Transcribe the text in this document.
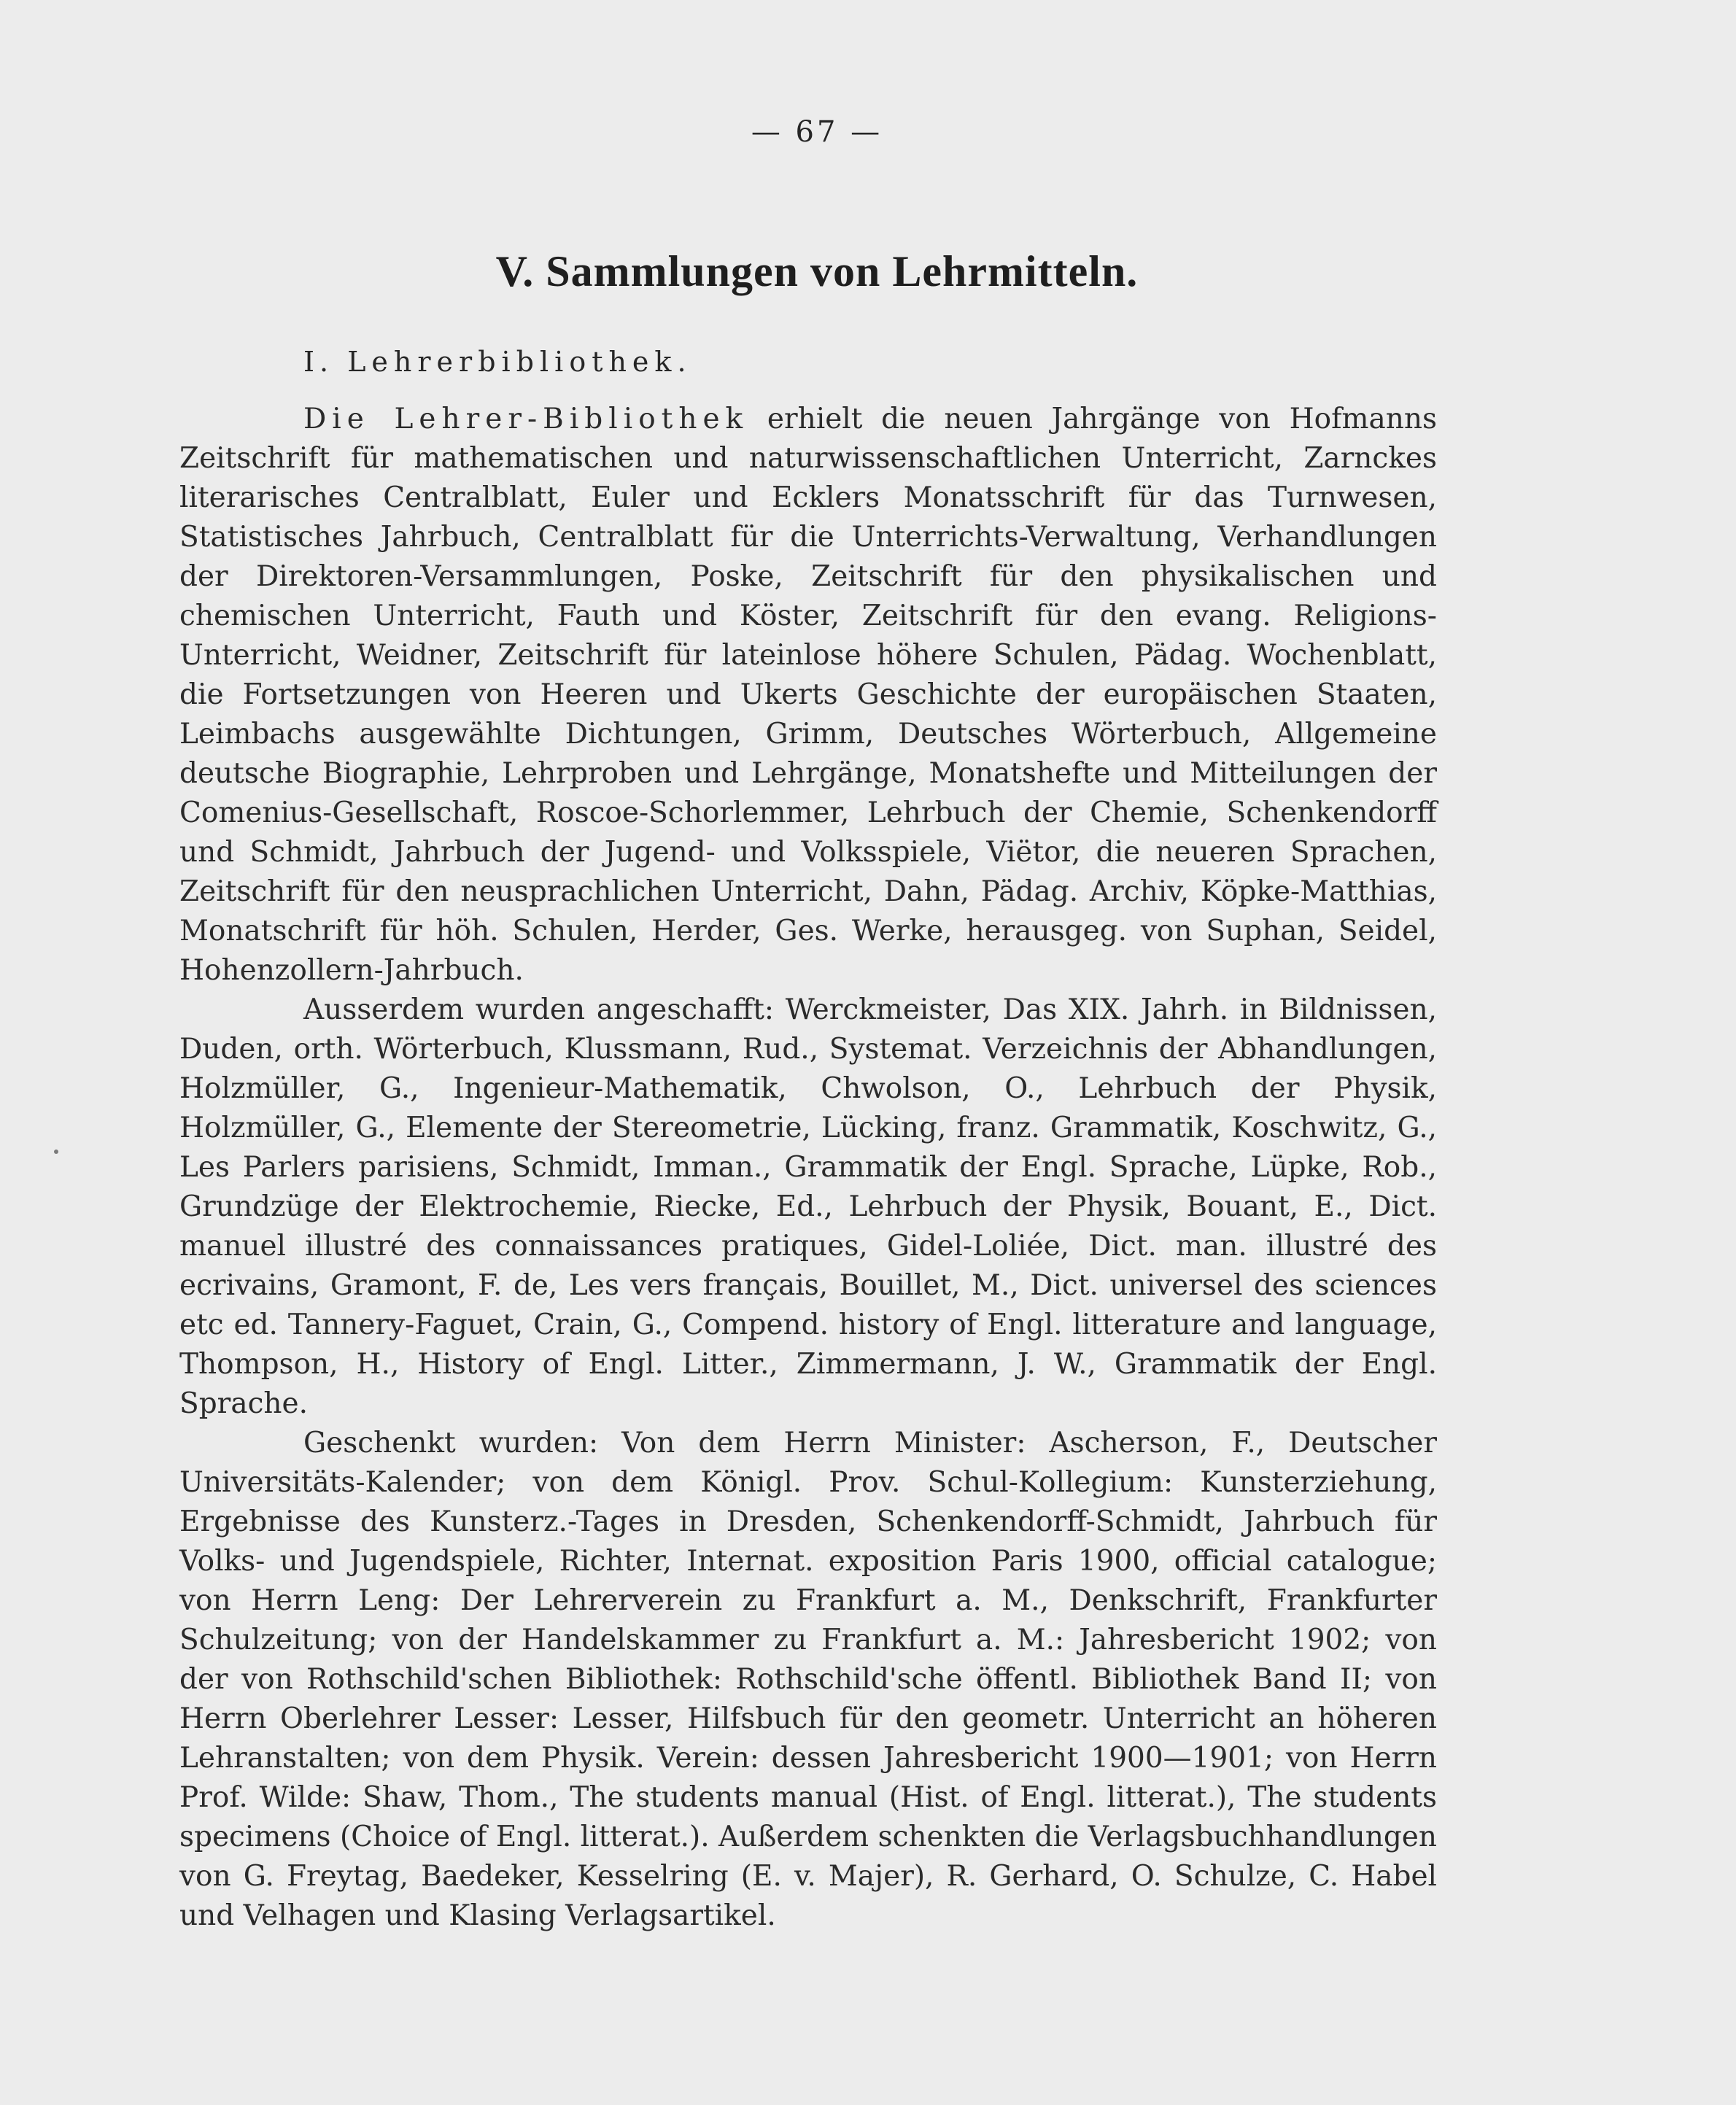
— 67 —
V. Sammlungen von Lehrmitteln.
I. Lehrerbibliothek.

Die Lehrer-Bibliothek erhielt die neuen Jahrgänge von Hofmanns Zeitschrift für mathematischen und naturwissenschaftlichen Unterricht, Zarnckes literarisches Centralblatt, Euler und Ecklers Monatsschrift für das Turnwesen, Statistisches Jahrbuch, Centralblatt für die Unterrichts-Verwaltung, Verhandlungen der Direktoren-Versammlungen, Poske, Zeitschrift für den physikalischen und chemischen Unterricht, Fauth und Köster, Zeitschrift für den evang. Religions-Unterricht, Weidner, Zeitschrift für lateinlose höhere Schulen, Pädag. Wochenblatt, die Fortsetzungen von Heeren und Ukerts Geschichte der europäischen Staaten, Leimbachs ausgewählte Dichtungen, Grimm, Deutsches Wörterbuch, Allgemeine deutsche Biographie, Lehrproben und Lehrgänge, Monatshefte und Mitteilungen der Comenius-Gesellschaft, Roscoe-Schorlemmer, Lehrbuch der Chemie, Schenkendorff und Schmidt, Jahrbuch der Jugend- und Volksspiele, Viëtor, die neueren Sprachen, Zeitschrift für den neusprachlichen Unterricht, Dahn, Pädag. Archiv, Köpke-Matthias, Monatschrift für höh. Schulen, Herder, Ges. Werke, herausgeg. von Suphan, Seidel, Hohenzollern-Jahrbuch.

Ausserdem wurden angeschafft: Werckmeister, Das XIX. Jahrh. in Bildnissen, Duden, orth. Wörterbuch, Klussmann, Rud., Systemat. Verzeichnis der Abhandlungen, Holzmüller, G., Ingenieur-Mathematik, Chwolson, O., Lehrbuch der Physik, Holzmüller, G., Elemente der Stereometrie, Lücking, franz. Grammatik, Koschwitz, G., Les Parlers parisiens, Schmidt, Imman., Grammatik der Engl. Sprache, Lüpke, Rob., Grundzüge der Elektrochemie, Riecke, Ed., Lehrbuch der Physik, Bouant, E., Dict. manuel illustré des connaissances pratiques, Gidel-Loliée, Dict. man. illustré des ecrivains, Gramont, F. de, Les vers français, Bouillet, M., Dict. universel des sciences etc ed. Tannery-Faguet, Crain, G., Compend. history of Engl. litterature and language, Thompson, H., History of Engl. Litter., Zimmermann, J. W., Grammatik der Engl. Sprache.

Geschenkt wurden: Von dem Herrn Minister: Ascherson, F., Deutscher Universitäts-Kalender; von dem Königl. Prov. Schul-Kollegium: Kunsterziehung, Ergebnisse des Kunsterz.-Tages in Dresden, Schenkendorff-Schmidt, Jahrbuch für Volks- und Jugendspiele, Richter, Internat. exposition Paris 1900, official catalogue; von Herrn Leng: Der Lehrerverein zu Frankfurt a. M., Denkschrift, Frankfurter Schulzeitung; von der Handelskammer zu Frankfurt a. M.: Jahresbericht 1902; von der von Rothschild'schen Bibliothek: Rothschild'sche öffentl. Bibliothek Band II; von Herrn Oberlehrer Lesser: Lesser, Hilfsbuch für den geometr. Unterricht an höheren Lehranstalten; von dem Physik. Verein: dessen Jahresbericht 1900—1901; von Herrn Prof. Wilde: Shaw, Thom., The students manual (Hist. of Engl. litterat.), The students specimens (Choice of Engl. litterat.). Außerdem schenkten die Verlagsbuchhandlungen von G. Freytag, Baedeker, Kesselring (E. v. Majer), R. Gerhard, O. Schulze, C. Habel und Velhagen und Klasing Verlagsartikel.
